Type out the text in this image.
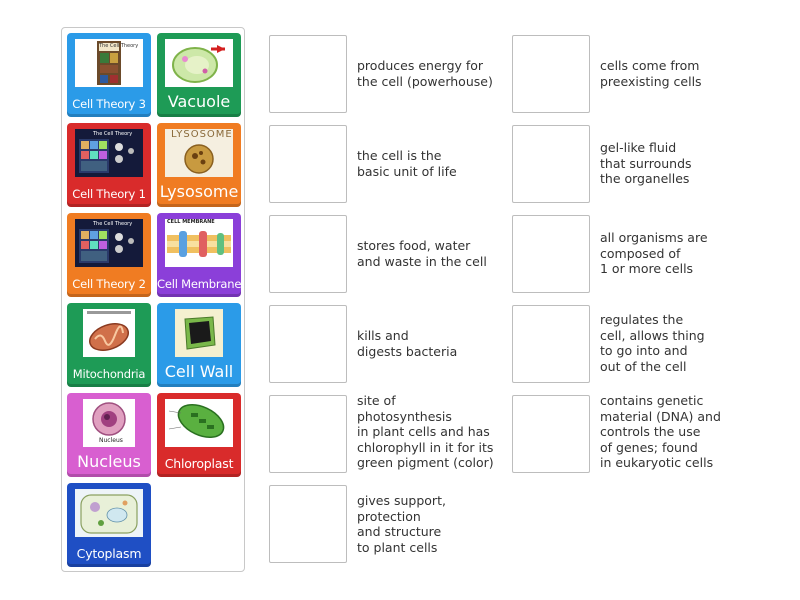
The Cell Theory
Cell Theory 3	Vacuole
The Cell Theory
Cell Theory 1
LYSOSOME
Lysosome
The Cell Theory
Cell Theory 2
CELL MEMBRANE
Cell Membrane
Mitochondria	Cell Wall
Nucleus
Nucleus	Chloroplast
Cytoplasm
produces energy for
the cell (powerhouse)
the cell is the
basic unit of life
stores food, water
and waste in the cell
kills and
digests bacteria
site of
photosynthesis
in plant cells and has
chlorophyll in it for its
green pigment (color)
gives support,
protection
and structure
to plant cells
cells come from
preexisting cells
gel-like fluid
that surrounds
the organelles
all organisms are
composed of
1 or more cells
regulates the
cell, allows thing
to go into and
out of the cell
contains genetic
material (DNA) and
controls the use
of genes; found
in eukaryotic cells
